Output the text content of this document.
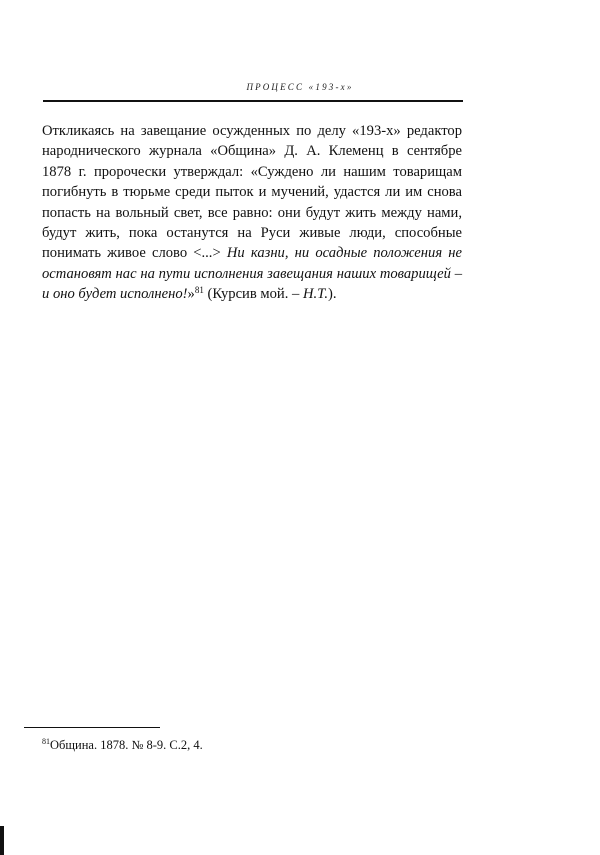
ПРОЦЕСС «193-х»

Откликаясь на завещание осужденных по делу «193-х» редактор народнического журнала «Община» Д. А. Клеменц в сентябре 1878 г. пророчески утверждал: «Суждено ли нашим товарищам погибнуть в тюрьме среди пыток и мучений, удастся ли им снова попасть на вольный свет, все равно: они будут жить между нами, будут жить, пока останутся на Руси живые люди, способные понимать живое слово <...> Ни казни, ни осадные положения не остановят нас на пути исполнения завещания наших товарищей – и оно будет исполнено!»$^{81}$ (Курсив мой. – Н.Т.).

$^{81}$Община. 1878. № 8-9. С.2, 4.
